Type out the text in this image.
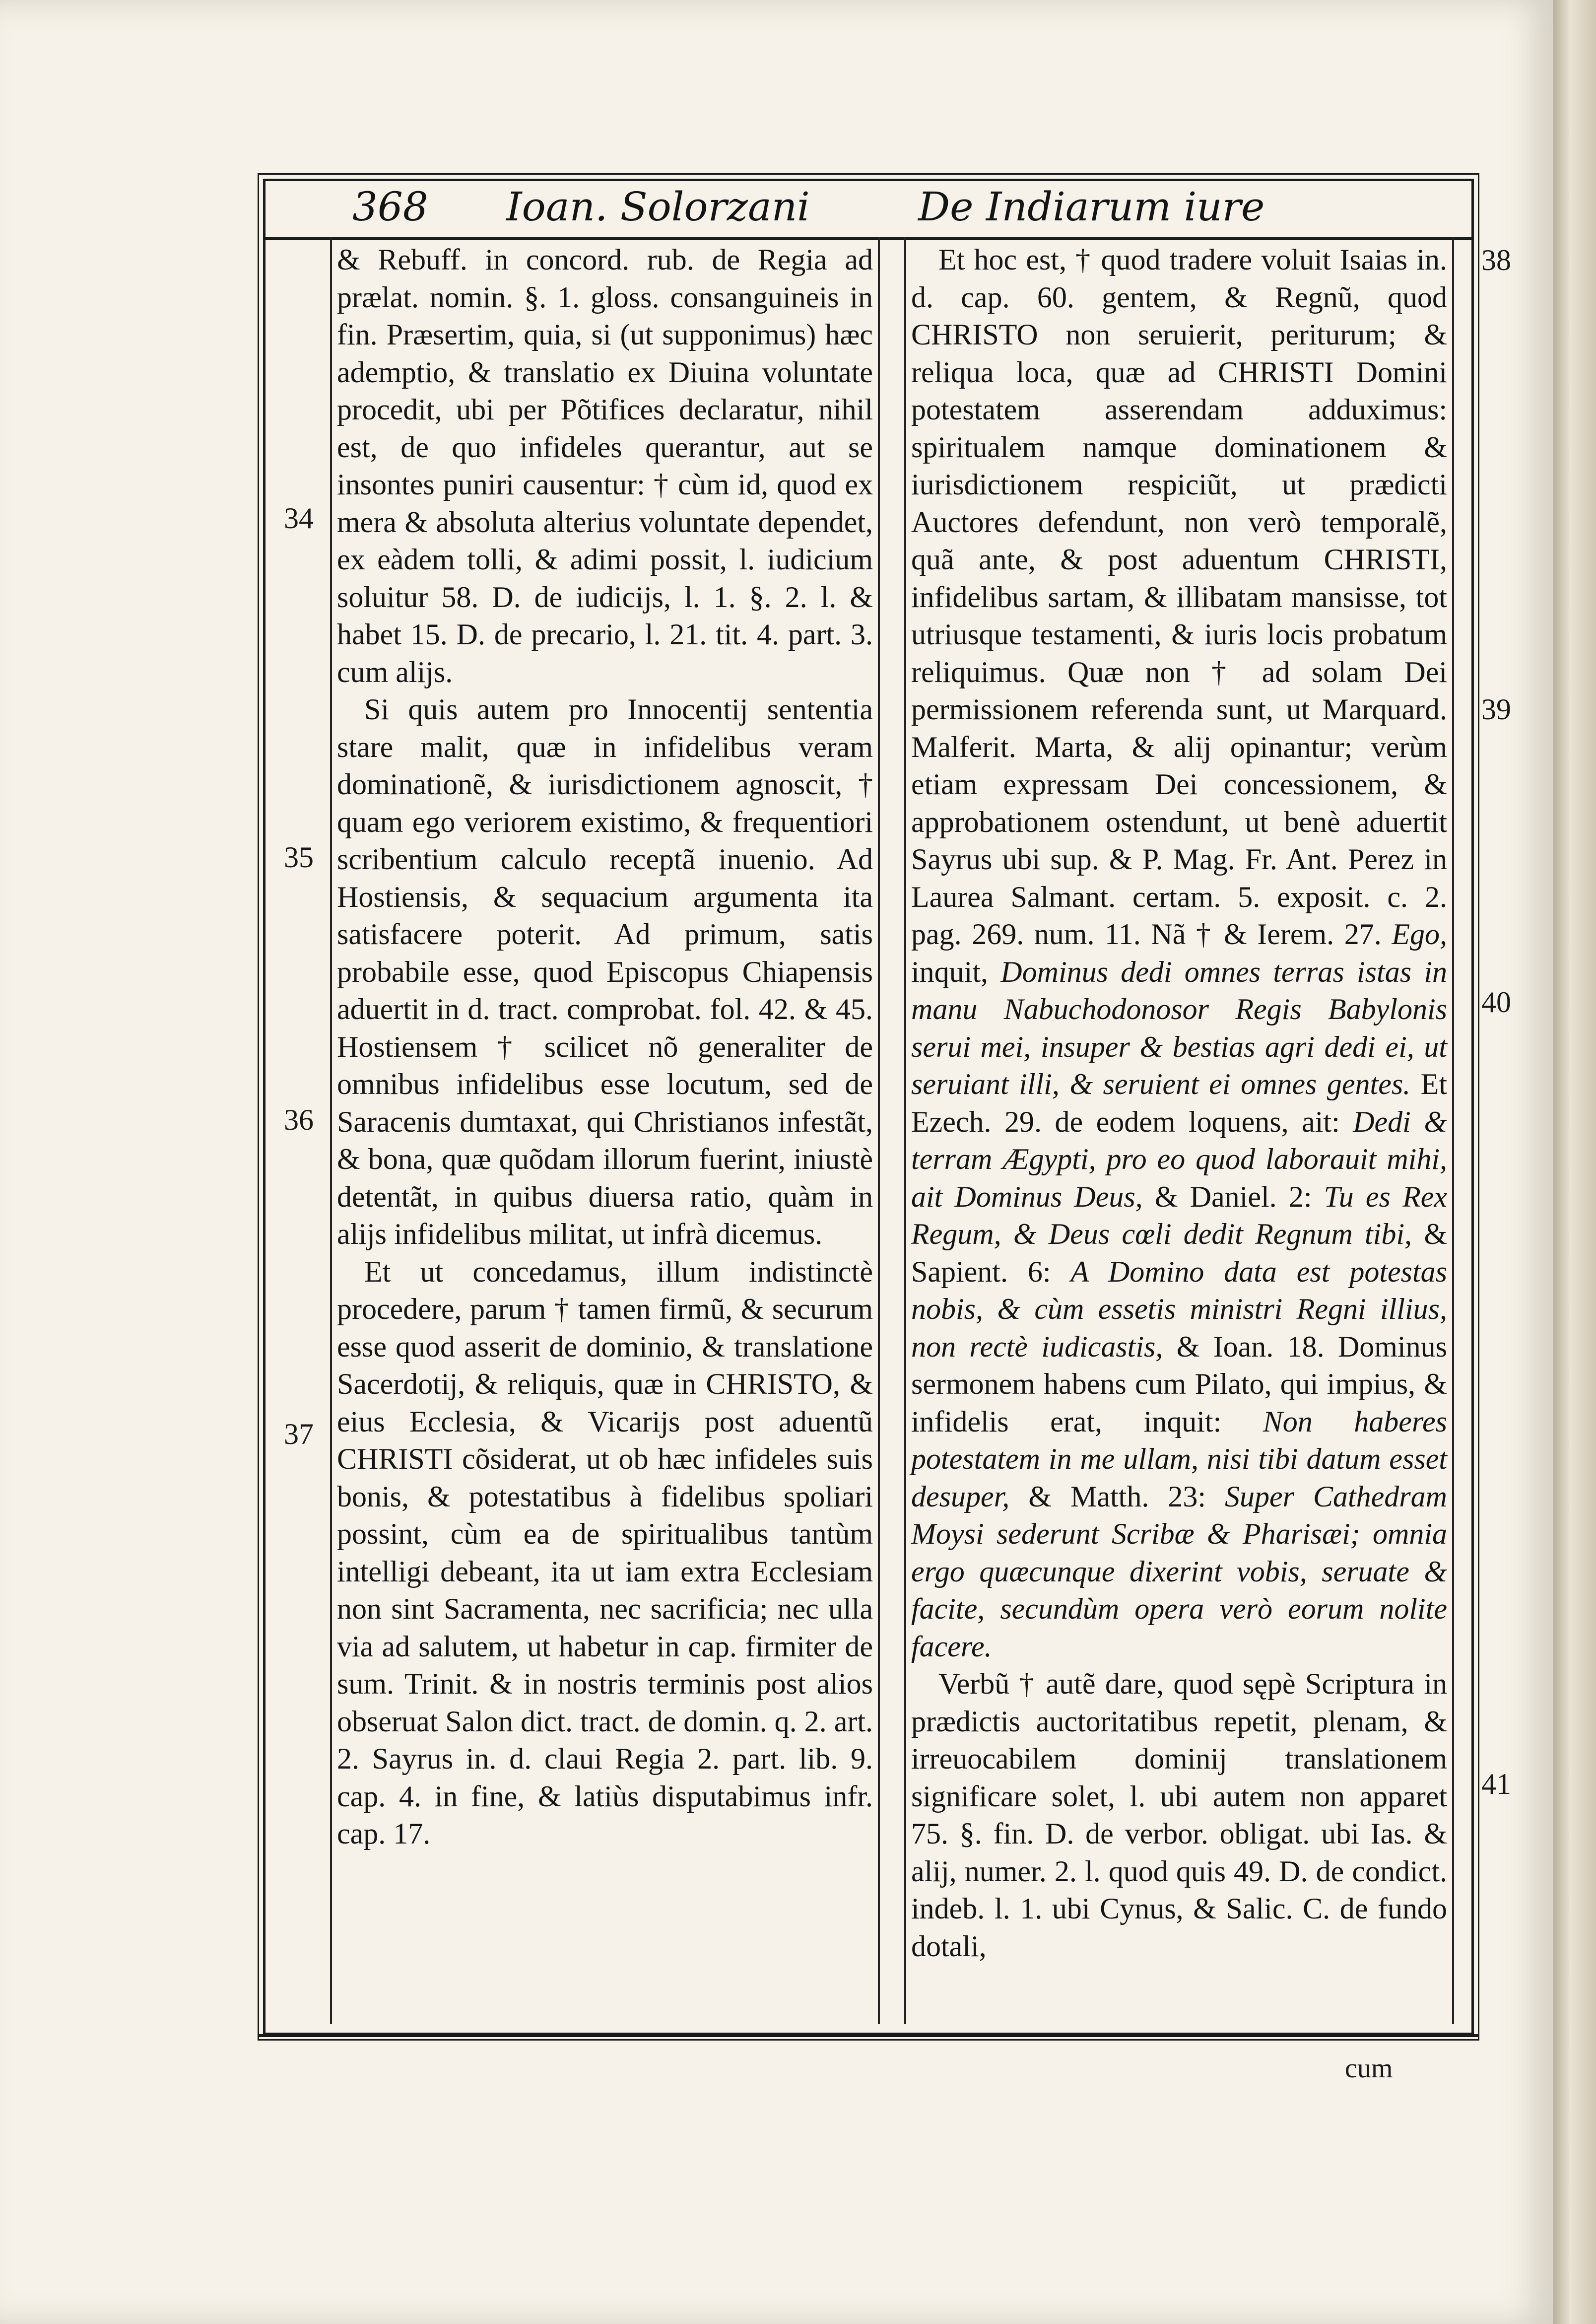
368 Ioan. Solorzani	De Indiarum iure
34
35
36
37
38
39
40
41

& Rebuff. in concord. rub. de Regia ad prælat. nomin. §. 1. gloss. consanguineis in fin. Præsertim, quia, si (ut supponimus) hæc ademptio, & translatio ex Diuina voluntate procedit, ubi per Põtifices declaratur, nihil est, de quo infideles querantur, aut se insontes puniri causentur: † cùm id, quod ex mera & absoluta alterius voluntate dependet, ex eàdem tolli, & adimi possit, l. iudicium soluitur 58. D. de iudicijs, l. 1. §. 2. l. & habet 15. D. de precario, l. 21. tit. 4. part. 3. cum alijs.

Si quis autem pro Innocentij sententia stare malit, quæ in infidelibus veram dominationẽ, & iurisdictionem agnoscit, † quam ego veriorem existimo, & frequentiori scribentium calculo receptã inuenio. Ad Hostiensis, & sequacium argumenta ita satisfacere poterit. Ad primum, satis probabile esse, quod Episcopus Chiapensis aduertit in d. tract. comprobat. fol. 42. & 45. Hostiensem † scilicet nõ generaliter de omnibus infidelibus esse locutum, sed de Saracenis dumtaxat, qui Christianos infestãt, & bona, quæ quõdam illorum fuerint, iniustè detentãt, in quibus diuersa ratio, quàm in alijs infidelibus militat, ut infrà dicemus.

Et ut concedamus, illum indistinctè procedere, parum † tamen firmũ, & securum esse quod asserit de dominio, & translatione Sacerdotij, & reliquis, quæ in CHRISTO, & eius Ecclesia, & Vicarijs post aduentũ CHRISTI cõsiderat, ut ob hæc infideles suis bonis, & potestatibus à fidelibus spoliari possint, cùm ea de spiritualibus tantùm intelligi debeant, ita ut iam extra Ecclesiam non sint Sacramenta, nec sacrificia; nec ulla via ad salutem, ut habetur in cap. firmiter de sum. Trinit. & in nostris terminis post alios obseruat Salon dict. tract. de domin. q. 2. art. 2. Sayrus in. d. claui Regia 2. part. lib. 9. cap. 4. in fine, & latiùs disputabimus infr. cap. 17.

Et hoc est, † quod tradere voluit Isaias in. d. cap. 60. gentem, & Regnũ, quod CHRISTO non seruierit, periturum; & reliqua loca, quæ ad CHRISTI Domini potestatem asserendam adduximus: spiritualem namque dominationem & iurisdictionem respiciũt, ut prædicti Auctores defendunt, non verò temporalẽ, quã ante, & post aduentum CHRISTI, infidelibus sartam, & illibatam mansisse, tot utriusque testamenti, & iuris locis probatum reliquimus. Quæ non † ad solam Dei permissionem referenda sunt, ut Marquard. Malferit. Marta, & alij opinantur; verùm etiam expressam Dei concessionem, & approbationem ostendunt, ut benè aduertit Sayrus ubi sup. & P. Mag. Fr. Ant. Perez in Laurea Salmant. certam. 5. exposit. c. 2. pag. 269. num. 11. Nã † & Ierem. 27. Ego, inquit, Dominus dedi omnes terras istas in manu Nabuchodonosor Regis Babylonis serui mei, insuper & bestias agri dedi ei, ut seruiant illi, & seruient ei omnes gentes. Et Ezech. 29. de eodem loquens, ait: Dedi & terram Ægypti, pro eo quod laborauit mihi, ait Dominus Deus, & Daniel. 2: Tu es Rex Regum, & Deus cœli dedit Regnum tibi, & Sapient. 6: A Domino data est potestas nobis, & cùm essetis ministri Regni illius, non rectè iudicastis, & Ioan. 18. Dominus sermonem habens cum Pilato, qui impius, & infidelis erat, inquit: Non haberes potestatem in me ullam, nisi tibi datum esset desuper, & Matth. 23: Super Cathedram Moysi sederunt Scribæ & Pharisæi; omnia ergo quæcunque dixerint vobis, seruate & facite, secundùm opera verò eorum nolite facere.

Verbũ † autẽ dare, quod sępè Scriptura in prædictis auctoritatibus repetit, plenam, & irreuocabilem dominij translationem significare solet, l. ubi autem non apparet 75. §. fin. D. de verbor. obligat. ubi Ias. & alij, numer. 2. l. quod quis 49. D. de condict. indeb. l. 1. ubi Cynus, & Salic. C. de fundo dotali,

cum
